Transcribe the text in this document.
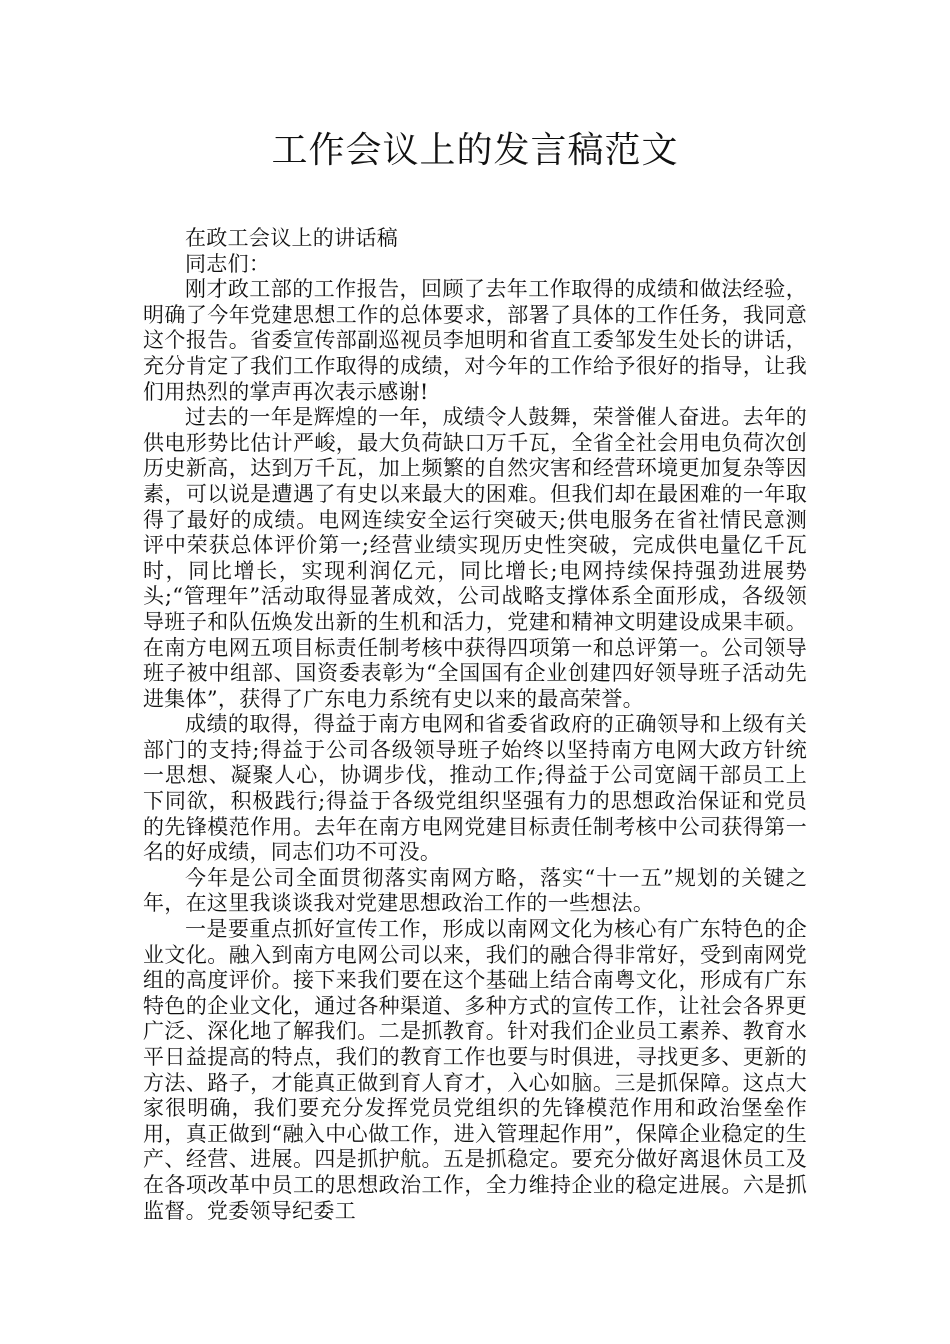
工作会议上的发言稿范文

在政工会议上的讲话稿

同志们：

刚才政工部的工作报告，回顾了去年工作取得的成绩和做法经验，明确了今年党建思想工作的总体要求，部署了具体的工作任务，我同意这个报告。省委宣传部副巡视员李旭明和省直工委邹发生处长的讲话，充分肯定了我们工作取得的成绩，对今年的工作给予很好的指导，让我们用热烈的掌声再次表示感谢!

过去的一年是辉煌的一年，成绩令人鼓舞，荣誉催人奋进。去年的供电形势比估计严峻，最大负荷缺口万千瓦，全省全社会用电负荷次创历史新高，达到万千瓦，加上频繁的自然灾害和经营环境更加复杂等因素，可以说是遭遇了有史以来最大的困难。但我们却在最困难的一年取得了最好的成绩。电网连续安全运行突破天;供电服务在省社情民意测评中荣获总体评价第一;经营业绩实现历史性突破，完成供电量亿千瓦时，同比增长，实现利润亿元，同比增长;电网持续保持强劲进展势头;“管理年”活动取得显著成效，公司战略支撑体系全面形成，各级领导班子和队伍焕发出新的生机和活力，党建和精神文明建设成果丰硕。在南方电网五项目标责任制考核中获得四项第一和总评第一。公司领导班子被中组部、国资委表彰为“全国国有企业创建四好领导班子活动先进集体”，获得了广东电力系统有史以来的最高荣誉。

成绩的取得，得益于南方电网和省委省政府的正确领导和上级有关部门的支持;得益于公司各级领导班子始终以坚持南方电网大政方针统一思想、凝聚人心，协调步伐，推动工作;得益于公司宽阔干部员工上下同欲，积极践行;得益于各级党组织坚强有力的思想政治保证和党员的先锋模范作用。去年在南方电网党建目标责任制考核中公司获得第一名的好成绩，同志们功不可没。

今年是公司全面贯彻落实南网方略，落实“十一五”规划的关键之年，在这里我谈谈我对党建思想政治工作的一些想法。

一是要重点抓好宣传工作，形成以南网文化为核心有广东特色的企业文化。融入到南方电网公司以来，我们的融合得非常好，受到南网党组的高度评价。接下来我们要在这个基础上结合南粤文化，形成有广东特色的企业文化，通过各种渠道、多种方式的宣传工作，让社会各界更广泛、深化地了解我们。二是抓教育。针对我们企业员工素养、教育水平日益提高的特点，我们的教育工作也要与时俱进，寻找更多、更新的方法、路子，才能真正做到育人育才，入心如脑。三是抓保障。这点大家很明确，我们要充分发挥党员党组织的先锋模范作用和政治堡垒作用，真正做到“融入中心做工作，进入管理起作用”，保障企业稳定的生产、经营、进展。四是抓护航。五是抓稳定。要充分做好离退休员工及在各项改革中员工的思想政治工作，全力维持企业的稳定进展。六是抓监督。党委领导纪委工
